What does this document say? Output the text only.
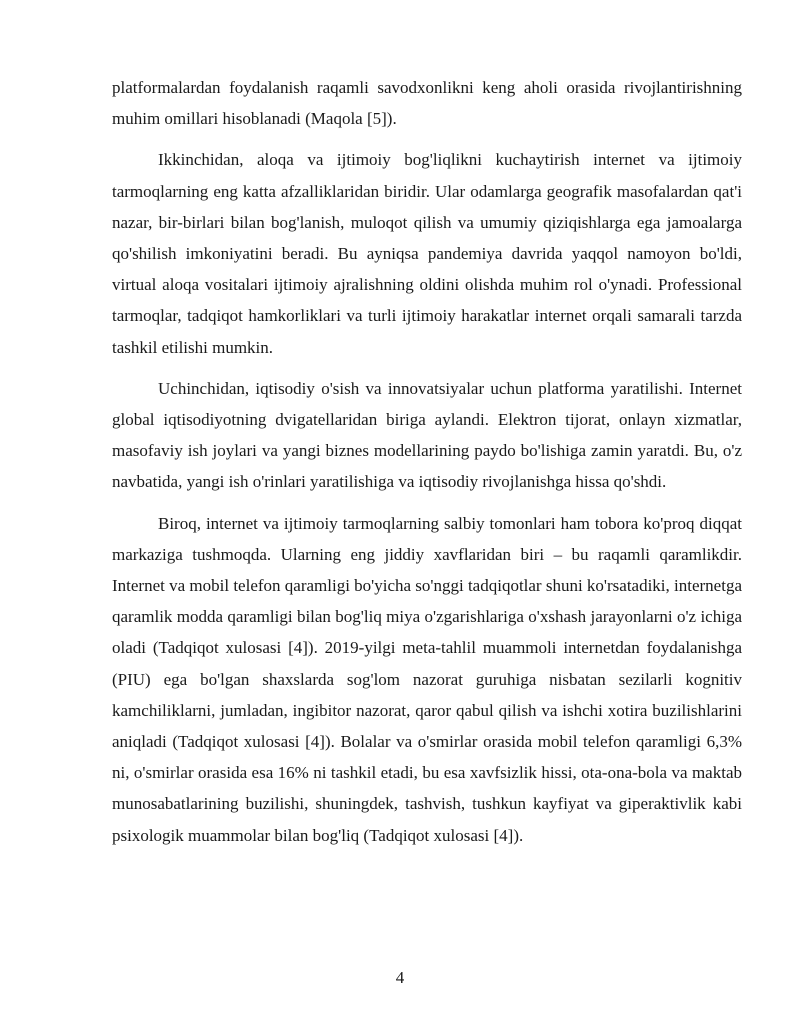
platformalardan foydalanish raqamli savodxonlikni keng aholi orasida rivojlantirishning muhim omillari hisoblanadi (Maqola [5]).

Ikkinchidan, aloqa va ijtimoiy bog'liqlikni kuchaytirish internet va ijtimoiy tarmoqlarning eng katta afzalliklaridan biridir. Ular odamlarga geografik masofalardan qat'i nazar, bir-birlari bilan bog'lanish, muloqot qilish va umumiy qiziqishlarga ega jamoalarga qo'shilish imkoniyatini beradi. Bu ayniqsa pandemiya davrida yaqqol namoyon bo'ldi, virtual aloqa vositalari ijtimoiy ajralishning oldini olishda muhim rol o'ynadi. Professional tarmoqlar, tadqiqot hamkorliklari va turli ijtimoiy harakatlar internet orqali samarali tarzda tashkil etilishi mumkin.

Uchinchidan, iqtisodiy o'sish va innovatsiyalar uchun platforma yaratilishi. Internet global iqtisodiyotning dvigatellaridan biriga aylandi. Elektron tijorat, onlayn xizmatlar, masofaviy ish joylari va yangi biznes modellarining paydo bo'lishiga zamin yaratdi. Bu, o'z navbatida, yangi ish o'rinlari yaratilishiga va iqtisodiy rivojlanishga hissa qo'shdi.

Biroq, internet va ijtimoiy tarmoqlarning salbiy tomonlari ham tobora ko'proq diqqat markaziga tushmoqda. Ularning eng jiddiy xavflaridan biri – bu raqamli qaramlikdir. Internet va mobil telefon qaramligi bo'yicha so'nggi tadqiqotlar shuni ko'rsatadiki, internetga qaramlik modda qaramligi bilan bog'liq miya o'zgarishlariga o'xshash jarayonlarni o'z ichiga oladi (Tadqiqot xulosasi [4]). 2019-yilgi meta-tahlil muammoli internetdan foydalanishga (PIU) ega bo'lgan shaxslarda sog'lom nazorat guruhiga nisbatan sezilarli kognitiv kamchiliklarni, jumladan, ingibitor nazorat, qaror qabul qilish va ishchi xotira buzilishlarini aniqladi (Tadqiqot xulosasi [4]). Bolalar va o'smirlar orasida mobil telefon qaramligi 6,3% ni, o'smirlar orasida esa 16% ni tashkil etadi, bu esa xavfsizlik hissi, ota-ona-bola va maktab munosabatlarining buzilishi, shuningdek, tashvish, tushkun kayfiyat va giperaktivlik kabi psixologik muammolar bilan bog'liq (Tadqiqot xulosasi [4]).

4
